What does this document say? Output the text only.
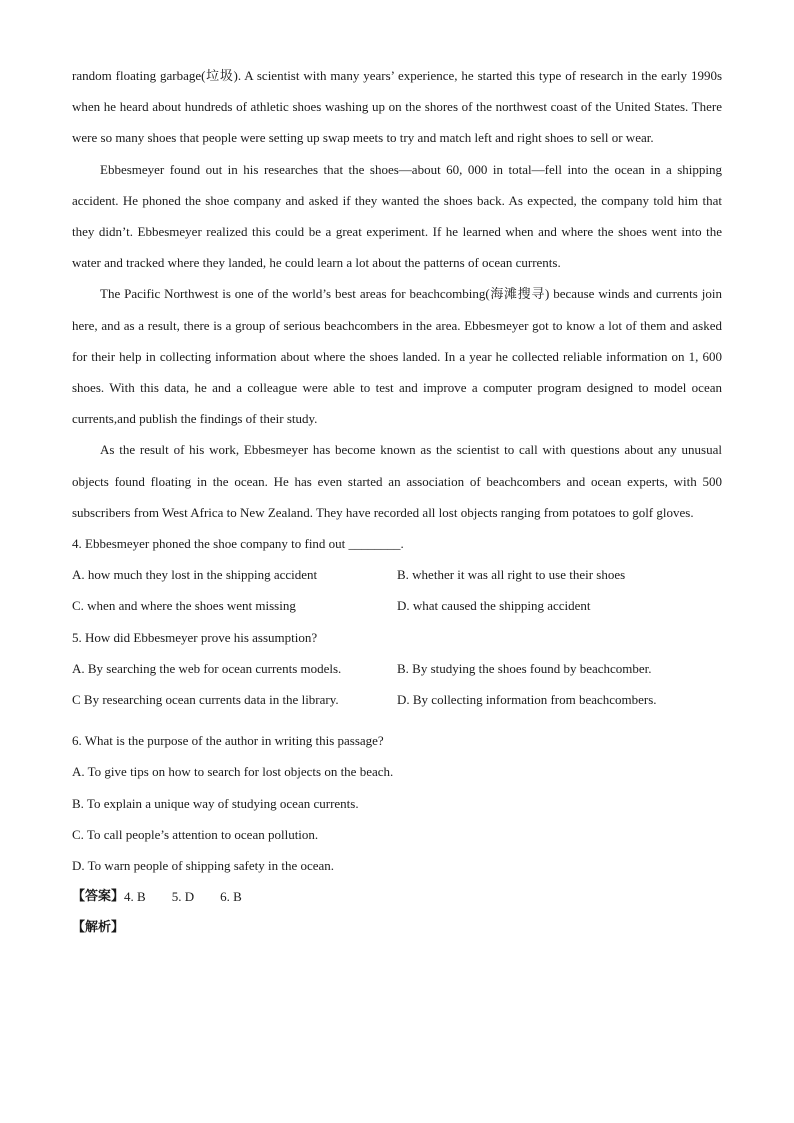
random floating garbage(垃圾). A scientist with many years’ experience, he started this type of research in the early 1990s when he heard about hundreds of athletic shoes washing up on the shores of the northwest coast of the United States. There were so many shoes that people were setting up swap meets to try and match left and right shoes to sell or wear.

Ebbesmeyer found out in his researches that the shoes—about 60, 000 in total—fell into the ocean in a shipping accident. He phoned the shoe company and asked if they wanted the shoes back. As expected, the company told him that they didn’t. Ebbesmeyer realized this could be a great experiment. If he learned when and where the shoes went into the water and tracked where they landed, he could learn a lot about the patterns of ocean currents.

The Pacific Northwest is one of the world’s best areas for beachcombing(海滩搜寻) because winds and currents join here, and as a result, there is a group of serious beachcombers in the area. Ebbesmeyer got to know a lot of them and asked for their help in collecting information about where the shoes landed. In a year he collected reliable information on 1, 600 shoes. With this data, he and a colleague were able to test and improve a computer program designed to model ocean currents,and publish the findings of their study.

As the result of his work, Ebbesmeyer has become known as the scientist to call with questions about any unusual objects found floating in the ocean. He has even started an association of beachcombers and ocean experts, with 500 subscribers from West Africa to New Zealand. They have recorded all lost objects ranging from potatoes to golf gloves.

4. Ebbesmeyer phoned the shoe company to find out ________.

A. how much they lost in the shipping accident	B. whether it was all right to use their shoes
C. when and where the shoes went missing	D. what caused the shipping accident

5. How did Ebbesmeyer prove his assumption?

A. By searching the web for ocean currents models.	B. By studying the shoes found by beachcomber.
C By researching ocean currents data in the library.	D. By collecting information from beachcombers.

6. What is the purpose of the author in writing this passage?

A. To give tips on how to search for lost objects on the beach.

B. To explain a unique way of studying ocean currents.

C. To call people’s attention to ocean pollution.

D. To warn people of shipping safety in the ocean.

【答案】 4. B 5. D 6. B
【解析】
